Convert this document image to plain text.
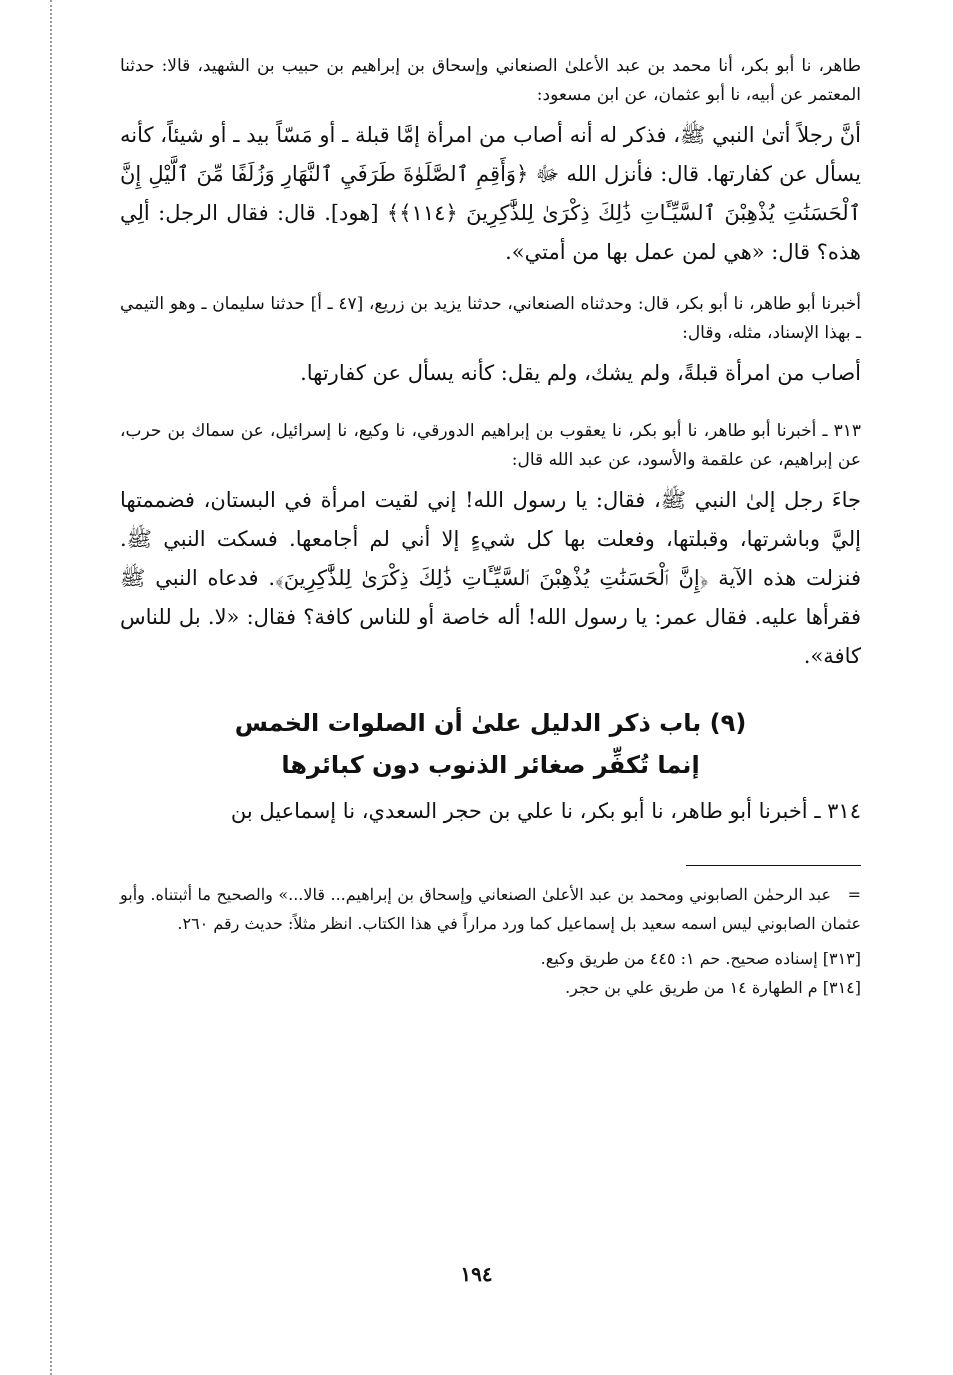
طاهر، نا أبو بكر، أنا محمد بن عبد الأعلىٰ الصنعاني وإسحاق بن إبراهيم بن حبيب بن الشهيد، قالا: حدثنا المعتمر عن أبيه، نا أبو عثمان، عن ابن مسعود:

أنَّ رجلاً أتىٰ النبي ﷺ، فذكر له أنه أصاب من امرأة إمَّا قبلة ـ أو مَسّاً بيد ـ أو شيئاً، كأنه يسأل عن كفارتها. قال: فأنزل الله ﷻ ﴿وَأَقِمِ ٱلصَّلَوٰةَ طَرَفَيِ ٱلنَّهَارِ وَزُلَفًا مِّنَ ٱلَّيْلِ إِنَّ ٱلْحَسَنَٰتِ يُذْهِبْنَ ٱلسَّيِّـَٔاتِ ذَٰلِكَ ذِكْرَىٰ لِلذَّٰكِرِينَ ﴿١١٤﴾﴾ [هود]. قال: فقال الرجل: ألِي هذه؟ قال: «هي لمن عمل بها من أمتي».

أخبرنا أبو طاهر، نا أبو بكر، قال: وحدثناه الصنعاني، حدثنا يزيد بن زريع، [٤٧ ـ أ] حدثنا سليمان ـ وهو التيمي ـ بهذا الإسناد، مثله، وقال:

أصاب من امرأة قبلةً، ولم يشك، ولم يقل: كأنه يسأل عن كفارتها.

٣١٣ ـ أخبرنا أبو طاهر، نا أبو بكر، نا يعقوب بن إبراهيم الدورقي، نا وكيع، نا إسرائيل، عن سماك بن حرب، عن إبراهيم، عن علقمة والأسود، عن عبد الله قال:

جاءَ رجل إلىٰ النبي ﷺ، فقال: يا رسول الله! إني لقيت امرأة في البستان، فضممتها إليَّ وباشرتها، وقبلتها، وفعلت بها كل شيءٍ إلا أني لم أجامعها. فسكت النبي ﷺ. فنزلت هذه الآية ﴿إِنَّ ٱلْحَسَنَٰتِ يُذْهِبْنَ ٱلسَّيِّـَٔاتِ ذَٰلِكَ ذِكْرَىٰ لِلذَّٰكِرِينَ﴾. فدعاه النبي ﷺ فقرأها عليه. فقال عمر: يا رسول الله! أله خاصة أو للناس كافة؟ فقال: «لا. بل للناس كافة».

(٩) باب ذكر الدليل علىٰ أن الصلوات الخمس
إنما تُكفِّر صغائر الذنوب دون كبائرها

٣١٤ ـ أخبرنا أبو طاهر، نا أبو بكر، نا علي بن حجر السعدي، نا إسماعيل بن

=عبد الرحمٰن الصابوني ومحمد بن عبد الأعلىٰ الصنعاني وإسحاق بن إبراهيم... قالا...» والصحيح ما أثبتناه. وأبو عثمان الصابوني ليس اسمه سعيد بل إسماعيل كما ورد مراراً في هذا الكتاب. انظر مثلاً: حديث رقم ٢٦٠.

[٣١٣] إسناده صحيح. حم ١: ٤٤٥ من طريق وكيع.

[٣١٤] م الطهارة ١٤ من طريق علي بن حجر.

١٩٤
